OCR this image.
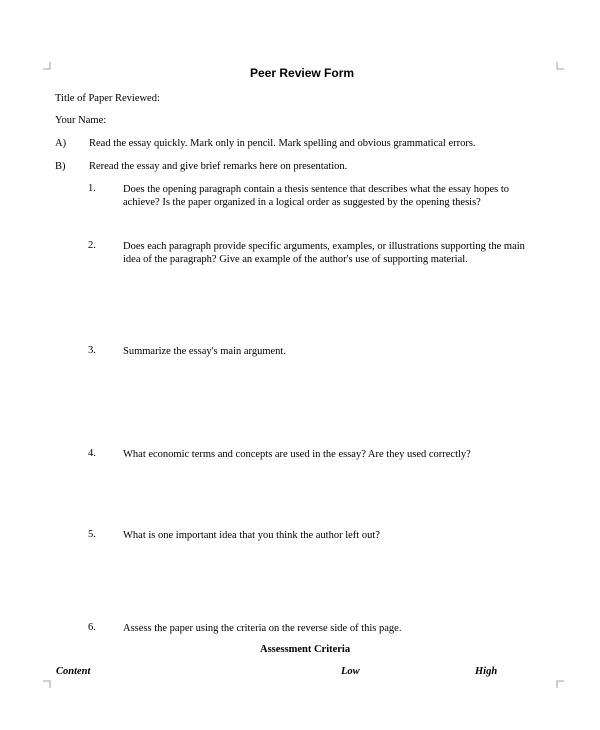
Peer Review Form
Title of Paper Reviewed:
Your Name:
A) Read the essay quickly. Mark only in pencil. Mark spelling and obvious grammatical errors.
B) Reread the essay and give brief remarks here on presentation.
1.	Does the opening paragraph contain a thesis sentence that describes what the essay hopes to achieve? Is the paper organized in a logical order as suggested by the opening thesis?
2.	Does each paragraph provide specific arguments, examples, or illustrations supporting the main idea of the paragraph? Give an example of the author's use of supporting material.
3.	Summarize the essay's main argument.
4.	What economic terms and concepts are used in the essay? Are they used correctly?
5.	What is one important idea that you think the author left out?
6.	Assess the paper using the criteria on the reverse side of this page.
Assessment Criteria
Content	Low	High
